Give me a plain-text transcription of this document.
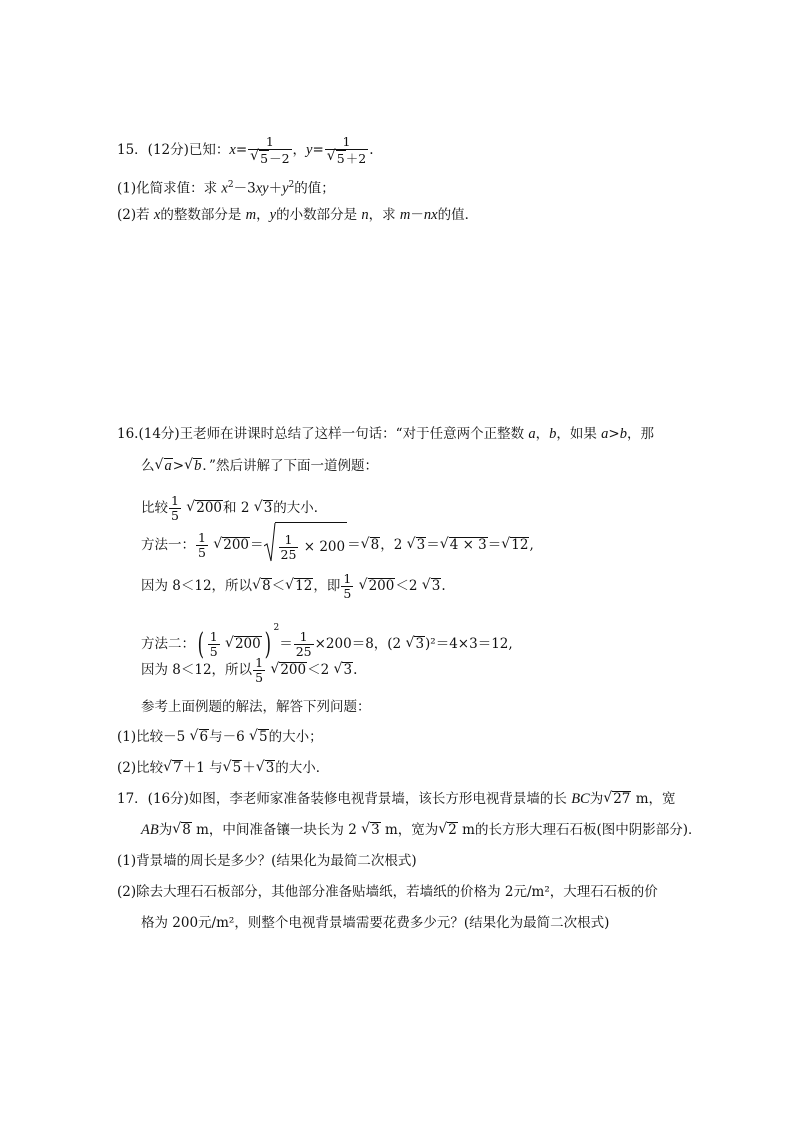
15．(12分)已知：x= 1
√ 5－2 ，y= 1
√ 5＋2 .
(1)化简求值：求 $x^2-3xy+y^2$的值；
(2)若 x的整数部分是 m，y的小数部分是 n，求 m－nx的值．
16.(14分)王老师在讲课时总结了这样一句话：“对于任意两个正整数 a，b，如果 a>b，那
么 √ a> √ b．”然后讲解了下面一道例题：
比较 $\frac{1}{5}$ √ 200和 2 √ 3的大小．
方法一： $\frac{1}{5}$ √ $200= \frac{1}{25} \times 200$ ＝ √ 8，2 √ 3＝ √ 4 × 3＝ √ 12,
因为 8＜12，所以 √ 8＜ √ 12，即 $\frac{1}{5}$ √ 200＜2 √ 3.
方法二：( $\frac{1}{5}$ √ 200 ) $^2= \frac{1}{25} \times 200=8$，(2 √ 3)²＝4×3＝12,
因为 8＜12，所以 $\frac{1}{5}$ √ 200＜2 √ 3.
参考上面例题的解法，解答下列问题：
(1)比较－5 √ 6与－6 √ 5的大小；
(2)比较 √ 7＋1 与 √ 5＋ √ 3的大小．
17．(16分)如图，李老师家准备装修电视背景墙，该长方形电视背景墙的长 BC为 √ 27 m，宽
AB为 √ 8 m，中间准备镶一块长为 2 √ 3 m，宽为 √ 2 m的长方形大理石石板(图中阴影部分)．
(1)背景墙的周长是多少？(结果化为最简二次根式)
(2)除去大理石石板部分，其他部分准备贴墙纸，若墙纸的价格为 2元/m²，大理石石板的价
格为 200元/m²，则整个电视背景墙需要花费多少元？(结果化为最简二次根式)
